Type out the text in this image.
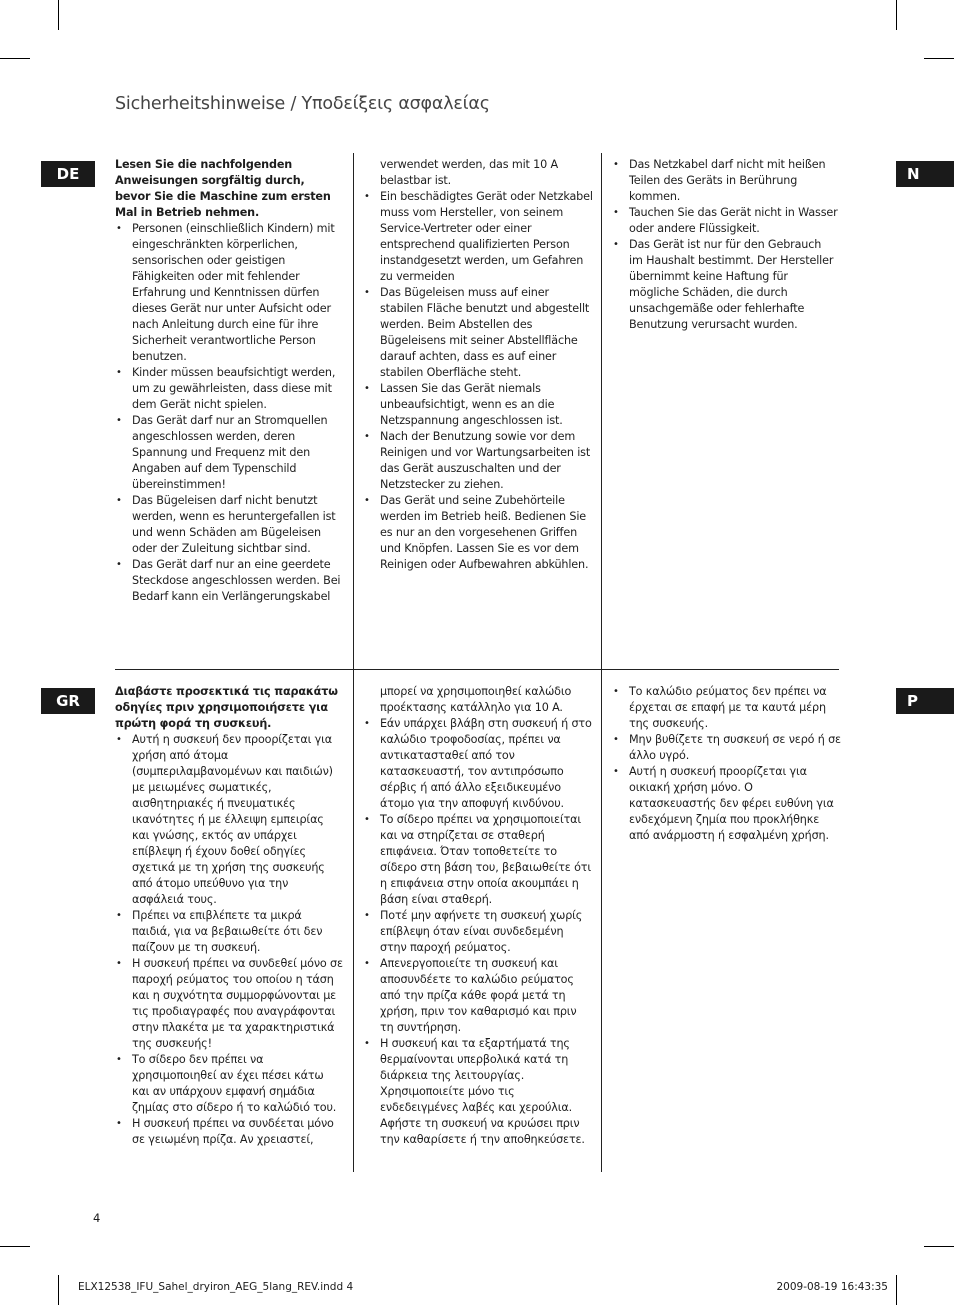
Sicherheitshinweise / Υποδείξεις ασφαλείας
DE	N

Lesen Sie die nachfolgenden Anweisungen sorgfältig durch, bevor Sie die Maschine zum ersten Mal in Betrieb nehmen.

• Personen (einschließlich Kindern) mit eingeschränkten körperlichen, sensorischen oder geistigen Fähigkeiten oder mit fehlender Erfahrung und Kenntnissen dürfen dieses Gerät nur unter Aufsicht oder nach Anleitung durch eine für ihre Sicherheit verantwortliche Person benutzen.
• Kinder müssen beaufsichtigt werden, um zu gewährleisten, dass diese mit dem Gerät nicht spielen.
• Das Gerät darf nur an Stromquellen angeschlossen werden, deren Spannung und Frequenz mit den Angaben auf dem Typenschild übereinstimmen!
• Das Bügeleisen darf nicht benutzt werden, wenn es heruntergefallen ist und wenn Schäden am Bügeleisen oder der Zuleitung sichtbar sind.
• Das Gerät darf nur an eine geerdete Steckdose angeschlossen werden. Bei Bedarf kann ein Verlängerungskabel

verwendet werden, das mit 10 A belastbar ist.

• Ein beschädigtes Gerät oder Netzkabel muss vom Hersteller, von seinem Service-Vertreter oder einer entsprechend qualifizierten Person instandgesetzt werden, um Gefahren zu vermeiden
• Das Bügeleisen muss auf einer stabilen Fläche benutzt und abgestellt werden. Beim Abstellen des Bügeleisens mit seiner Abstellfläche darauf achten, dass es auf einer stabilen Oberfläche steht.
• Lassen Sie das Gerät niemals unbeaufsichtigt, wenn es an die Netzspannung angeschlossen ist.
• Nach der Benutzung sowie vor dem Reinigen und vor Wartungsarbeiten ist das Gerät auszuschalten und der Netzstecker zu ziehen.
• Das Gerät und seine Zubehörteile werden im Betrieb heiß. Bedienen Sie es nur an den vorgesehenen Griffen und Knöpfen. Lassen Sie es vor dem Reinigen oder Aufbewahren abkühlen.
• Das Netzkabel darf nicht mit heißen Teilen des Geräts in Berührung kommen.
• Tauchen Sie das Gerät nicht in Wasser oder andere Flüssigkeit.
• Das Gerät ist nur für den Gebrauch im Haushalt bestimmt. Der Hersteller übernimmt keine Haftung für mögliche Schäden, die durch unsachgemäße oder fehlerhafte Benutzung verursacht wurden.
GR	P

Διαβάστε προσεκτικά τις παρακάτω οδηγίες πριν χρησιμοποιήσετε για πρώτη φορά τη συσκευή.

• Αυτή η συσκευή δεν προορίζεται για χρήση από άτομα (συμπεριλαμβανομένων και παιδιών) με μειωμένες σωματικές, αισθητηριακές ή πνευματικές ικανότητες ή με έλλειψη εμπειρίας και γνώσης, εκτός αν υπάρχει επίβλεψη ή έχουν δοθεί οδηγίες σχετικά με τη χρήση της συσκευής από άτομο υπεύθυνο για την ασφάλειά τους.
• Πρέπει να επιβλέπετε τα μικρά παιδιά, για να βεβαιωθείτε ότι δεν παίζουν με τη συσκευή.
• Η συσκευή πρέπει να συνδεθεί μόνο σε παροχή ρεύματος του οποίου η τάση και η συχνότητα συμμορφώνονται με τις προδιαγραφές που αναγράφονται στην πλακέτα με τα χαρακτηριστικά της συσκευής!
• Το σίδερο δεν πρέπει να χρησιμοποιηθεί αν έχει πέσει κάτω και αν υπάρχουν εμφανή σημάδια ζημίας στο σίδερο ή το καλώδιό του.
• Η συσκευή πρέπει να συνδέεται μόνο σε γειωμένη πρίζα. Αν χρειαστεί,

μπορεί να χρησιμοποιηθεί καλώδιο προέκτασης κατάλληλο για 10 A.

• Εάν υπάρχει βλάβη στη συσκευή ή στο καλώδιο τροφοδοσίας, πρέπει να αντικατασταθεί από τον κατασκευαστή, τον αντιπρόσωπο σέρβις ή από άλλο εξειδικευμένο άτομο για την αποφυγή κινδύνου.
• Το σίδερο πρέπει να χρησιμοποιείται και να στηρίζεται σε σταθερή επιφάνεια. Όταν τοποθετείτε το σίδερο στη βάση του, βεβαιωθείτε ότι η επιφάνεια στην οποία ακουμπάει η βάση είναι σταθερή.
• Ποτέ μην αφήνετε τη συσκευή χωρίς επίβλεψη όταν είναι συνδεδεμένη στην παροχή ρεύματος.
• Απενεργοποιείτε τη συσκευή και αποσυνδέετε το καλώδιο ρεύματος από την πρίζα κάθε φορά μετά τη χρήση, πριν τον καθαρισμό και πριν τη συντήρηση.
• Η συσκευή και τα εξαρτήματά της θερμαίνονται υπερβολικά κατά τη διάρκεια της λειτουργίας. Χρησιμοποιείτε μόνο τις ενδεδειγμένες λαβές και χερούλια. Αφήστε τη συσκευή να κρυώσει πριν την καθαρίσετε ή την αποθηκεύσετε.
• Το καλώδιο ρεύματος δεν πρέπει να έρχεται σε επαφή με τα καυτά μέρη της συσκευής.
• Μην βυθίζετε τη συσκευή σε νερό ή σε άλλο υγρό.
• Αυτή η συσκευή προορίζεται για οικιακή χρήση μόνο. Ο κατασκευαστής δεν φέρει ευθύνη για ενδεχόμενη ζημία που προκλήθηκε από ανάρμοστη ή εσφαλμένη χρήση.
4
ELX12538_IFU_Sahel_dryiron_AEG_5lang_REV.indd 4	2009-08-19 16:43:35
